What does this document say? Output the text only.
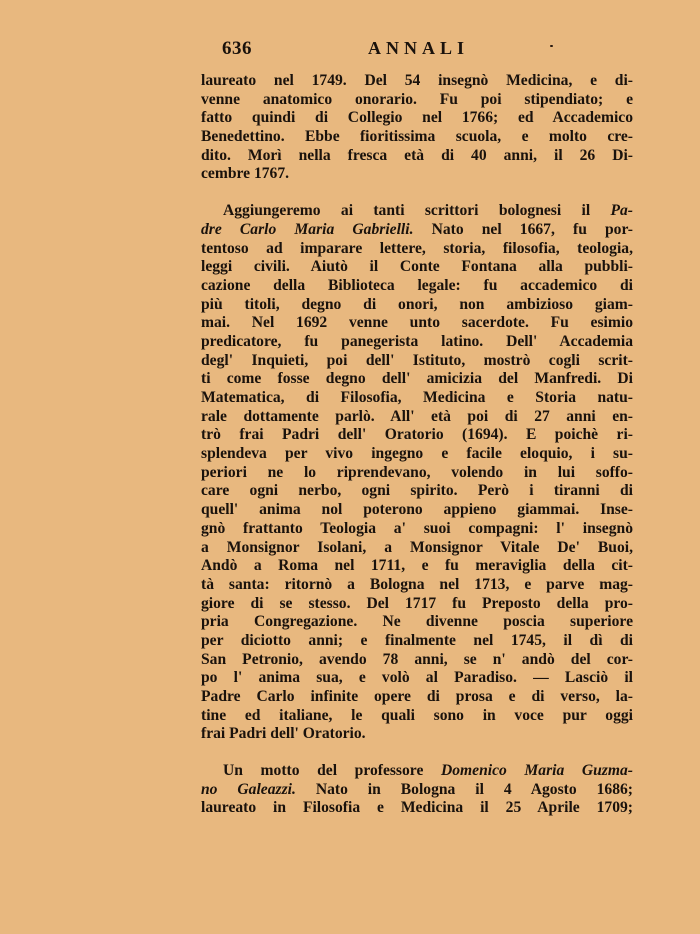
636	ANNALI
laureato nel 1749. Del 54 insegnò Medicina, e di-
venne anatomico onorario. Fu poi stipendiato; e
fatto quindi di Collegio nel 1766; ed Accademico
Benedettino. Ebbe fioritissima scuola, e molto cre-
dito. Morì nella fresca età di 40 anni, il 26 Di-
cembre 1767.
Aggiungeremo ai tanti scrittori bolognesi il Pa-
dre Carlo Maria Gabrielli. Nato nel 1667, fu por-
tentoso ad imparare lettere, storia, filosofia, teologia,
leggi civili. Aiutò il Conte Fontana alla pubbli-
cazione della Biblioteca legale: fu accademico di
più titoli, degno di onori, non ambizioso giam-
mai. Nel 1692 venne unto sacerdote. Fu esimio
predicatore, fu panegerista latino. Dell' Accademia
degl' Inquieti, poi dell' Istituto, mostrò cogli scrit-
ti come fosse degno dell' amicizia del Manfredi. Di
Matematica, di Filosofia, Medicina e Storia natu-
rale dottamente parlò. All' età poi di 27 anni en-
trò frai Padri dell' Oratorio (1694). E poichè ri-
splendeva per vivo ingegno e facile eloquio, i su-
periori ne lo riprendevano, volendo in lui soffo-
care ogni nerbo, ogni spirito. Però i tiranni di
quell' anima nol poterono appieno giammai. Inse-
gnò frattanto Teologia a' suoi compagni: l' insegnò
a Monsignor Isolani, a Monsignor Vitale De' Buoi,
Andò a Roma nel 1711, e fu meraviglia della cit-
tà santa: ritornò a Bologna nel 1713, e parve mag-
giore di se stesso. Del 1717 fu Preposto della pro-
pria Congregazione. Ne divenne poscia superiore
per diciotto anni; e finalmente nel 1745, il dì di
San Petronio, avendo 78 anni, se n' andò del cor-
po l' anima sua, e volò al Paradiso. — Lasciò il
Padre Carlo infinite opere di prosa e di verso, la-
tine ed italiane, le quali sono in voce pur oggi
frai Padri dell' Oratorio.
Un motto del professore Domenico Maria Guzma-
no Galeazzi. Nato in Bologna il 4 Agosto 1686;
laureato in Filosofia e Medicina il 25 Aprile 1709;
